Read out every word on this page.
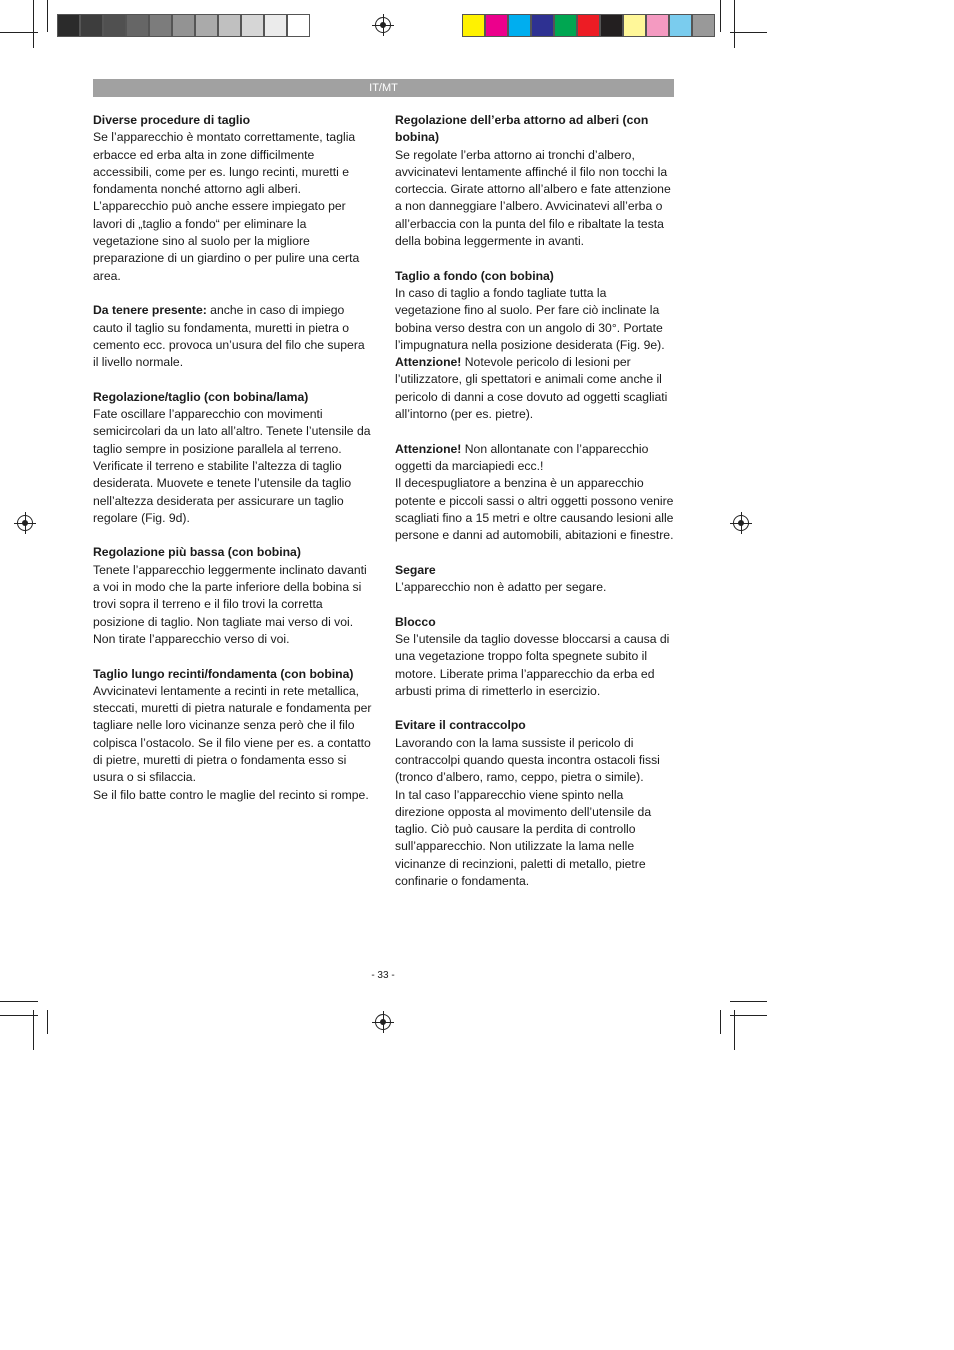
IT/MT
Diverse procedure di taglio

Se l’apparecchio è montato correttamente, taglia erbacce ed erba alta in zone difficilmente accessibili, come per es. lungo recinti, muretti e fondamenta nonché attorno agli alberi. L’apparecchio può anche essere impiegato per lavori di „taglio a fondo“ per eliminare la vegetazione sino al suolo per la migliore preparazione di un giardino o per pulire una certa area.

Da tenere presente: anche in caso di impiego cauto il taglio su fondamenta, muretti in pietra o cemento ecc. provoca un’usura del filo che supera il livello normale.

Regolazione/taglio (con bobina/lama)

Fate oscillare l’apparecchio con movimenti semicircolari da un lato all’altro. Tenete l’utensile da taglio sempre in posizione parallela al terreno. Verificate il terreno e stabilite l’altezza di taglio desiderata. Muovete e tenete l’utensile da taglio nell’altezza desiderata per assicurare un taglio regolare (Fig. 9d).

Regolazione più bassa (con bobina)

Tenete l’apparecchio leggermente inclinato davanti a voi in modo che la parte inferiore della bobina si trovi sopra il terreno e il filo trovi la corretta posizione di taglio. Non tagliate mai verso di voi. Non tirate l’apparecchio verso di voi.

Taglio lungo recinti/fondamenta (con bobina)

Avvicinatevi lentamente a recinti in rete metallica, steccati, muretti di pietra naturale e fondamenta per tagliare nelle loro vicinanze senza però che il filo colpisca l’ostacolo. Se il filo viene per es. a contatto di pietre, muretti di pietra o fondamenta esso si usura o si sfilaccia.

Se il filo batte contro le maglie del recinto si rompe.

Regolazione dell’erba attorno ad alberi (con bobina)

Se regolate l’erba attorno ai tronchi d’albero, avvicinatevi lentamente affinché il filo non tocchi la corteccia. Girate attorno all’albero e fate attenzione a non danneggiare l’albero. Avvicinatevi all’erba o all’erbaccia con la punta del filo e ribaltate la testa della bobina leggermente in avanti.

Taglio a fondo (con bobina)

In caso di taglio a fondo tagliate tutta la vegetazione fino al suolo. Per fare ciò inclinate la bobina verso destra con un angolo di 30°. Portate l’impugnatura nella posizione desiderata (Fig. 9e).

Attenzione! Notevole pericolo di lesioni per l’utilizzatore, gli spettatori e animali come anche il pericolo di danni a cose dovuto ad oggetti scagliati all’intorno (per es. pietre).

Attenzione! Non allontanate con l’apparecchio oggetti da marciapiedi ecc.!

Il decespugliatore a benzina è un apparecchio potente e piccoli sassi o altri oggetti possono venire scagliati fino a 15 metri e oltre causando lesioni alle persone e danni ad automobili, abitazioni e finestre.

Segare

L’apparecchio non è adatto per segare.

Blocco

Se l’utensile da taglio dovesse bloccarsi a causa di una vegetazione troppo folta spegnete subito il motore. Liberate prima l’apparecchio da erba ed arbusti prima di rimetterlo in esercizio.

Evitare il contraccolpo

Lavorando con la lama sussiste il pericolo di contraccolpi quando questa incontra ostacoli fissi (tronco d’albero, ramo, ceppo, pietra o simile).

In tal caso l’apparecchio viene spinto nella direzione opposta al movimento dell’utensile da taglio. Ciò può causare la perdita di controllo sull’apparecchio. Non utilizzate la lama nelle vicinanze di recinzioni, paletti di metallo, pietre confinarie o fondamenta.

- 33 -
